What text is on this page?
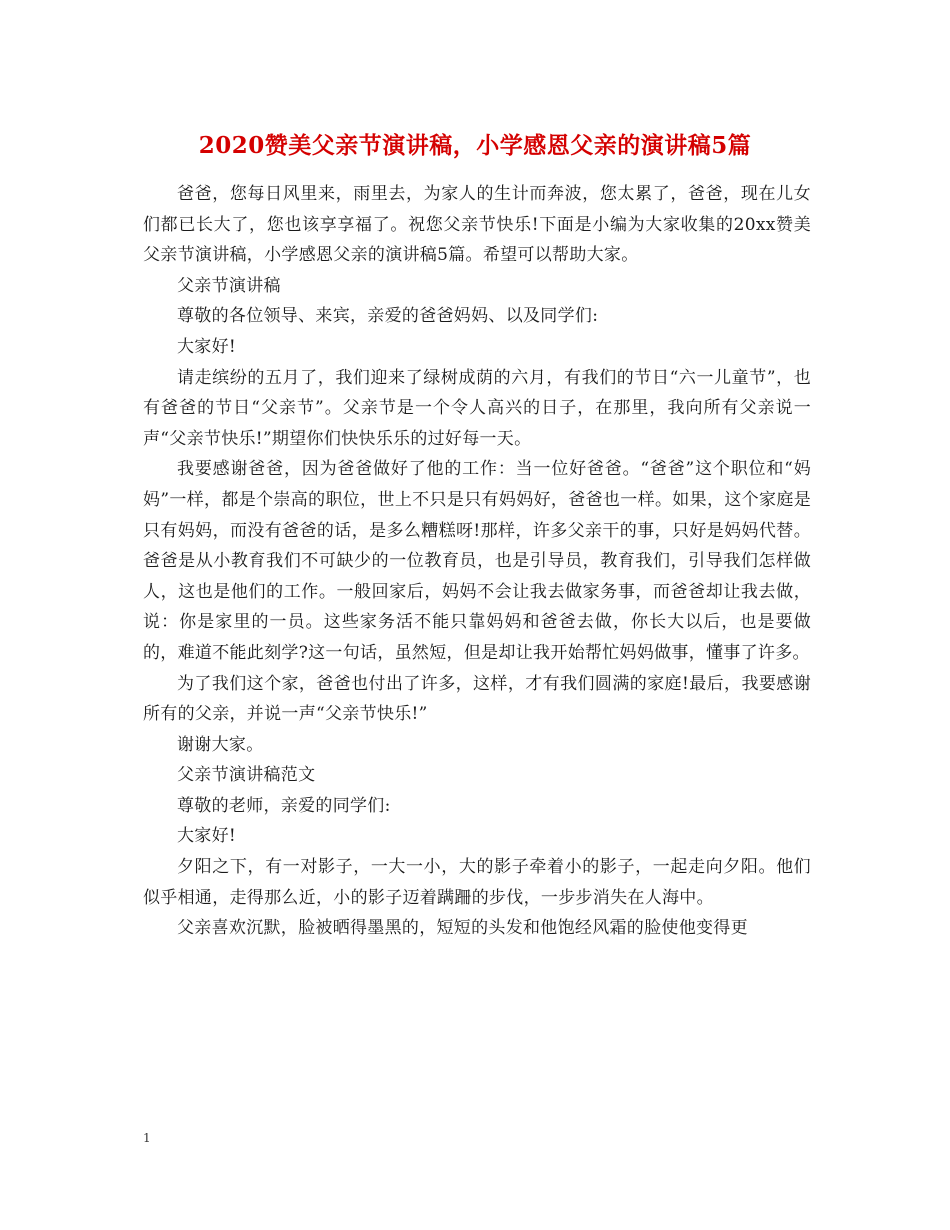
2020赞美父亲节演讲稿，小学感恩父亲的演讲稿5篇

爸爸，您每日风里来，雨里去，为家人的生计而奔波，您太累了，爸爸，现在儿女们都已长大了，您也该享享福了。祝您父亲节快乐!下面是小编为大家收集的20xx赞美父亲节演讲稿，小学感恩父亲的演讲稿5篇。希望可以帮助大家。

父亲节演讲稿

尊敬的各位领导、来宾，亲爱的爸爸妈妈、以及同学们:

大家好!

请走缤纷的五月了，我们迎来了绿树成荫的六月，有我们的节日“六一儿童节”，也有爸爸的节日“父亲节”。父亲节是一个令人高兴的日子，在那里，我向所有父亲说一声“父亲节快乐!”期望你们快快乐乐的过好每一天。

我要感谢爸爸，因为爸爸做好了他的工作：当一位好爸爸。“爸爸”这个职位和“妈妈”一样，都是个崇高的职位，世上不只是只有妈妈好，爸爸也一样。如果，这个家庭是只有妈妈，而没有爸爸的话，是多么糟糕呀!那样，许多父亲干的事，只好是妈妈代替。爸爸是从小教育我们不可缺少的一位教育员，也是引导员，教育我们，引导我们怎样做人，这也是他们的工作。一般回家后，妈妈不会让我去做家务事，而爸爸却让我去做，说：你是家里的一员。这些家务活不能只靠妈妈和爸爸去做，你长大以后，也是要做的，难道不能此刻学?这一句话，虽然短，但是却让我开始帮忙妈妈做事，懂事了许多。

为了我们这个家，爸爸也付出了许多，这样，才有我们圆满的家庭!最后，我要感谢所有的父亲，并说一声“父亲节快乐!”

谢谢大家。

父亲节演讲稿范文

尊敬的老师，亲爱的同学们:

大家好!

夕阳之下，有一对影子，一大一小，大的影子牵着小的影子，一起走向夕阳。他们似乎相通，走得那么近，小的影子迈着蹒跚的步伐，一步步消失在人海中。

父亲喜欢沉默，脸被晒得墨黑的，短短的头发和他饱经风霜的脸使他变得更

1
